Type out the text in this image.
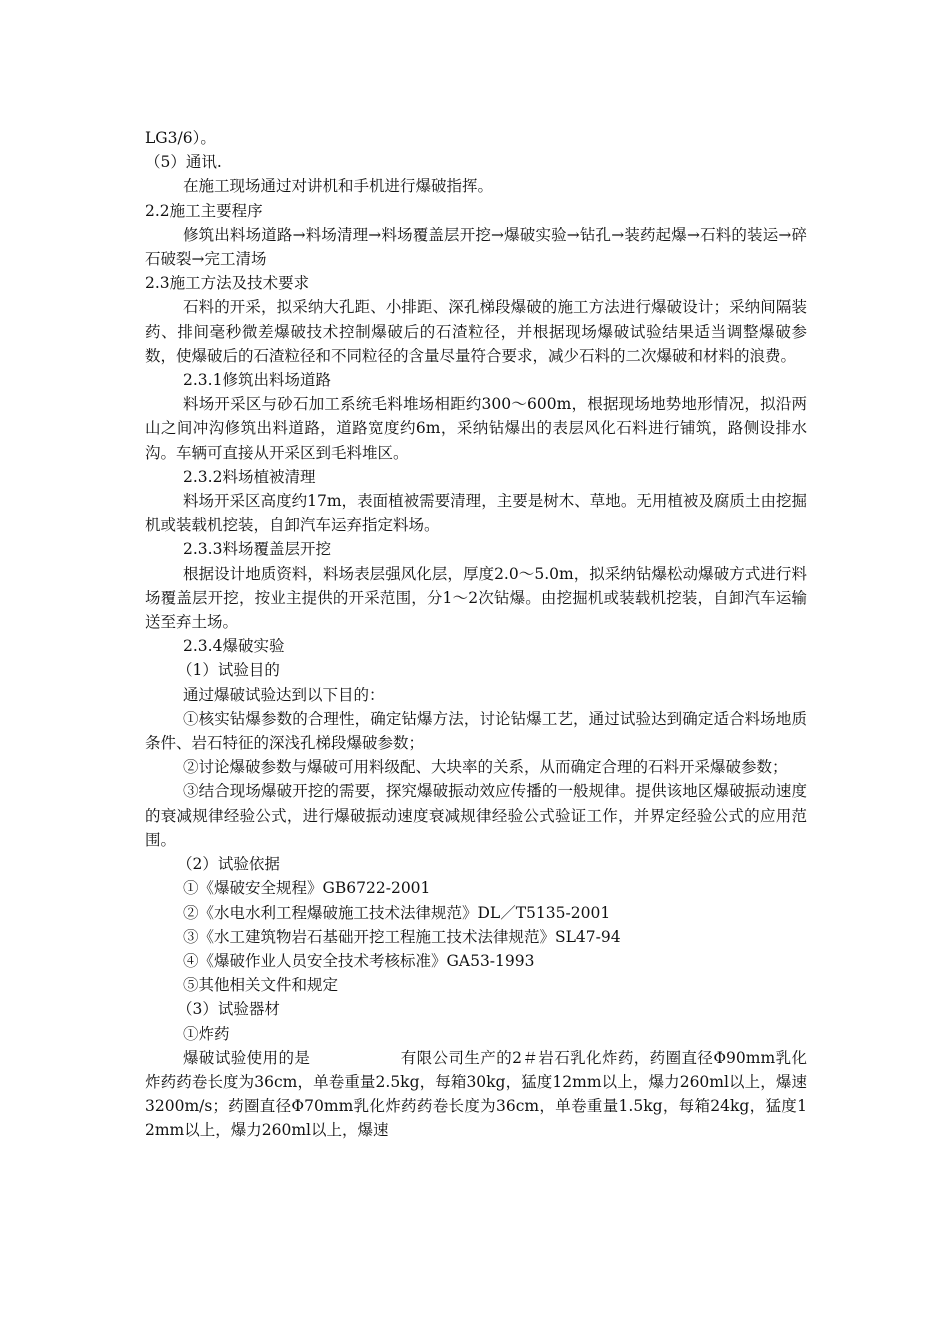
LG3/6）。

（5）通讯.

在施工现场通过对讲机和手机进行爆破指挥。

2.2施工主要程序

修筑出料场道路→料场清理→料场覆盖层开挖→爆破实验→钻孔→装药起爆→石料的装运→碎石破裂→完工清场

2.3施工方法及技术要求

石料的开采，拟采纳大孔距、小排距、深孔梯段爆破的施工方法进行爆破设计；采纳间隔装药、排间毫秒微差爆破技术控制爆破后的石渣粒径，并根据现场爆破试验结果适当调整爆破参数，使爆破后的石渣粒径和不同粒径的含量尽量符合要求，减少石料的二次爆破和材料的浪费。

2.3.1修筑出料场道路

料场开采区与砂石加工系统毛料堆场相距约300～600m，根据现场地势地形情况，拟沿两山之间冲沟修筑出料道路，道路宽度约6m，采纳钻爆出的表层风化石料进行铺筑，路侧设排水沟。车辆可直接从开采区到毛料堆区。

2.3.2料场植被清理

料场开采区高度约17m，表面植被需要清理，主要是树木、草地。无用植被及腐质土由挖掘机或装载机挖装，自卸汽车运弃指定料场。

2.3.3料场覆盖层开挖

根据设计地质资料，料场表层强风化层，厚度2.0～5.0m，拟采纳钻爆松动爆破方式进行料场覆盖层开挖，按业主提供的开采范围，分1～2次钻爆。由挖掘机或装载机挖装，自卸汽车运输送至弃土场。

2.3.4爆破实验

（1）试验目的

通过爆破试验达到以下目的：

①核实钻爆参数的合理性，确定钻爆方法，讨论钻爆工艺，通过试验达到确定适合料场地质条件、岩石特征的深浅孔梯段爆破参数；

②讨论爆破参数与爆破可用料级配、大块率的关系，从而确定合理的石料开采爆破参数；

③结合现场爆破开挖的需要，探究爆破振动效应传播的一般规律。提供该地区爆破振动速度的衰减规律经验公式，进行爆破振动速度衰减规律经验公式验证工作，并界定经验公式的应用范围。

（2）试验依据

①《爆破安全规程》GB6722-2001

②《水电水利工程爆破施工技术法律规范》DL／T5135-2001

③《水工建筑物岩石基础开挖工程施工技术法律规范》SL47-94

④《爆破作业人员安全技术考核标准》GA53-1993

⑤其他相关文件和规定

（3）试验器材

①炸药

爆破试验使用的是	有限公司生产的2＃岩石乳化炸药，药圈直径Φ90mm乳化炸药药卷长度为36cm，单卷重量2.5kg，每箱30kg，猛度12mm以上，爆力260ml以上，爆速3200m/s；药圈直径Φ70mm乳化炸药药卷长度为36cm，单卷重量1.5kg，每箱24kg，猛度12mm以上，爆力260ml以上，爆速
